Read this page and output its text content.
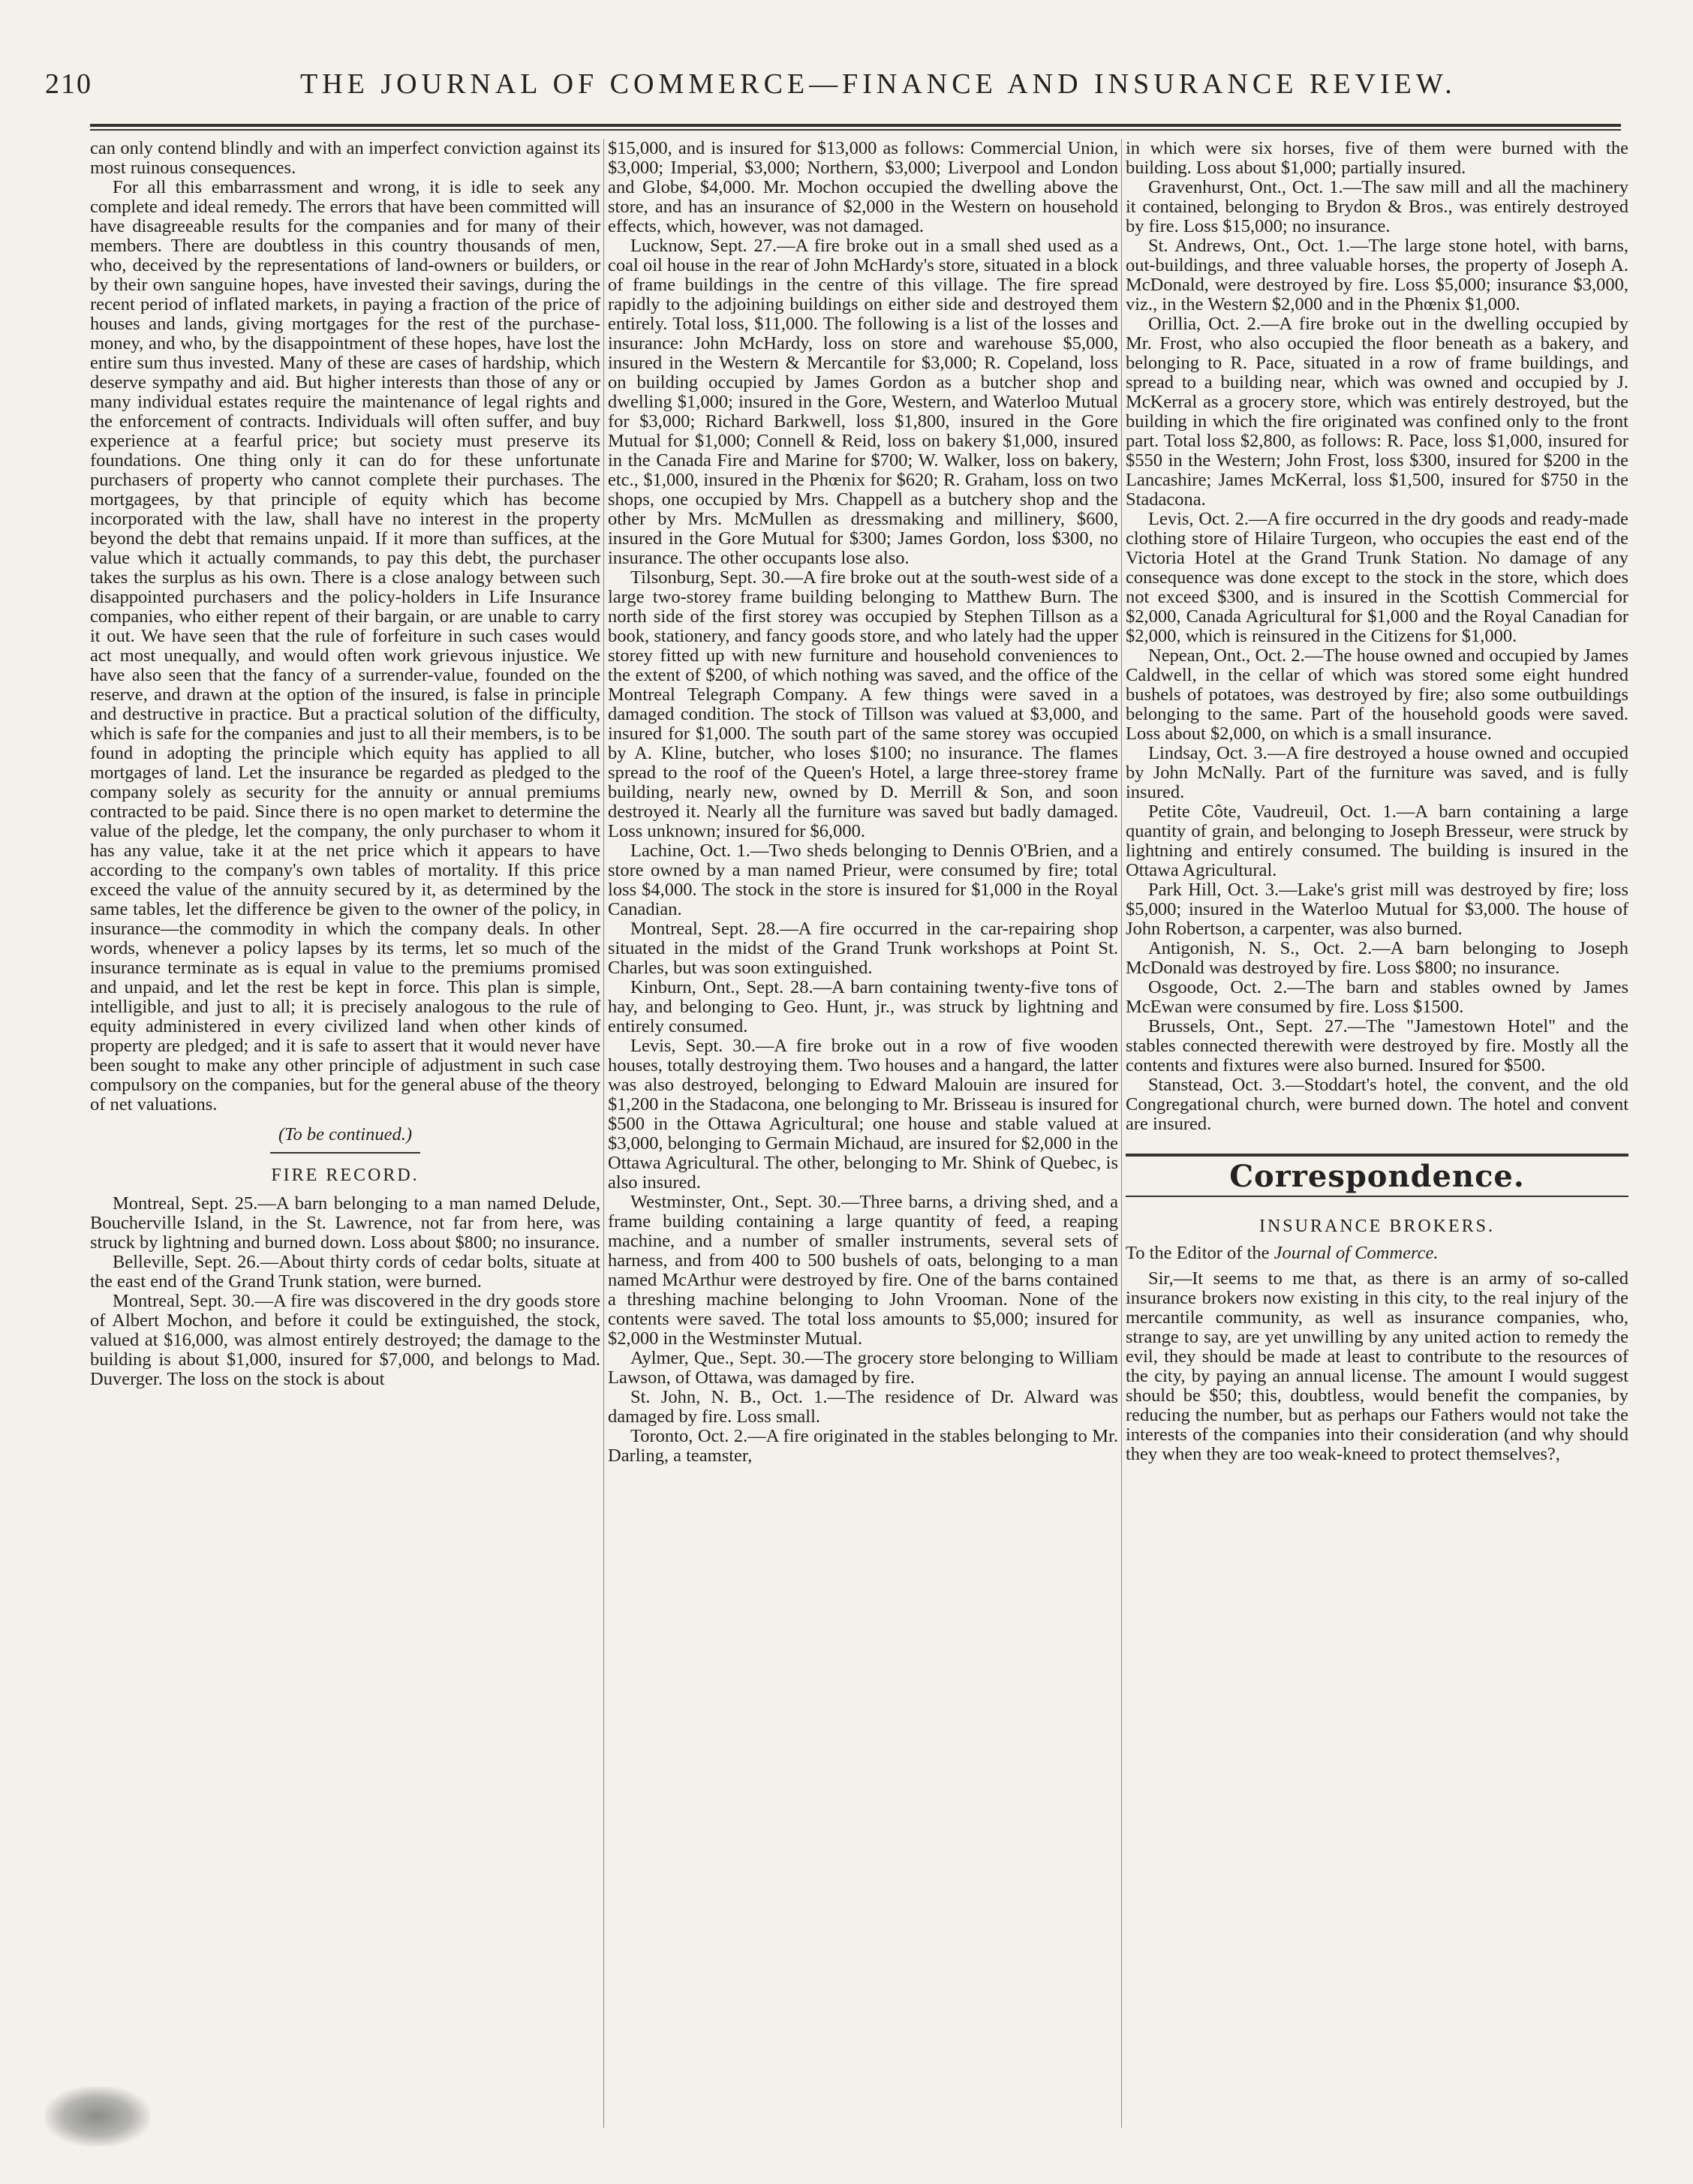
210	THE JOURNAL OF COMMERCE—FINANCE AND INSURANCE REVIEW.

can only contend blindly and with an imperfect conviction against its most ruinous consequences.

For all this embarrassment and wrong, it is idle to seek any complete and ideal remedy. The errors that have been committed will have disagreeable results for the companies and for many of their members. There are doubtless in this country thousands of men, who, deceived by the representations of land-owners or builders, or by their own sanguine hopes, have invested their savings, during the recent period of inflated markets, in paying a fraction of the price of houses and lands, giving mortgages for the rest of the purchase-money, and who, by the disappointment of these hopes, have lost the entire sum thus invested. Many of these are cases of hardship, which deserve sympathy and aid. But higher interests than those of any or many individual estates require the maintenance of legal rights and the enforcement of contracts. Individuals will often suffer, and buy experience at a fearful price; but society must preserve its foundations. One thing only it can do for these unfortunate purchasers of property who cannot complete their purchases. The mortgagees, by that principle of equity which has become incorporated with the law, shall have no interest in the property beyond the debt that remains unpaid. If it more than suffices, at the value which it actually commands, to pay this debt, the purchaser takes the surplus as his own. There is a close analogy between such disappointed purchasers and the policy-holders in Life Insurance companies, who either repent of their bargain, or are unable to carry it out. We have seen that the rule of forfeiture in such cases would act most unequally, and would often work grievous injustice. We have also seen that the fancy of a surrender-value, founded on the reserve, and drawn at the option of the insured, is false in principle and destructive in practice. But a practical solution of the difficulty, which is safe for the companies and just to all their members, is to be found in adopting the principle which equity has applied to all mortgages of land. Let the insurance be regarded as pledged to the company solely as security for the annuity or annual premiums contracted to be paid. Since there is no open market to determine the value of the pledge, let the company, the only purchaser to whom it has any value, take it at the net price which it appears to have according to the company's own tables of mortality. If this price exceed the value of the annuity secured by it, as determined by the same tables, let the difference be given to the owner of the policy, in insurance—the commodity in which the company deals. In other words, whenever a policy lapses by its terms, let so much of the insurance terminate as is equal in value to the premiums promised and unpaid, and let the rest be kept in force. This plan is simple, intelligible, and just to all; it is precisely analogous to the rule of equity administered in every civilized land when other kinds of property are pledged; and it is safe to assert that it would never have been sought to make any other principle of adjustment in such case compulsory on the companies, but for the general abuse of the theory of net valuations.

(To be continued.)
FIRE RECORD.

Montreal, Sept. 25.—A barn belonging to a man named Delude, Boucherville Island, in the St. Lawrence, not far from here, was struck by lightning and burned down. Loss about $800; no insurance.

Belleville, Sept. 26.—About thirty cords of cedar bolts, situate at the east end of the Grand Trunk station, were burned.

Montreal, Sept. 30.—A fire was discovered in the dry goods store of Albert Mochon, and before it could be extinguished, the stock, valued at $16,000, was almost entirely destroyed; the damage to the building is about $1,000, insured for $7,000, and belongs to Mad. Duverger. The loss on the stock is about

$15,000, and is insured for $13,000 as follows: Commercial Union, $3,000; Imperial, $3,000; Northern, $3,000; Liverpool and London and Globe, $4,000. Mr. Mochon occupied the dwelling above the store, and has an insurance of $2,000 in the Western on household effects, which, however, was not damaged.

Lucknow, Sept. 27.—A fire broke out in a small shed used as a coal oil house in the rear of John McHardy's store, situated in a block of frame buildings in the centre of this village. The fire spread rapidly to the adjoining buildings on either side and destroyed them entirely. Total loss, $11,000. The following is a list of the losses and insurance: John McHardy, loss on store and warehouse $5,000, insured in the Western & Mercantile for $3,000; R. Copeland, loss on building occupied by James Gordon as a butcher shop and dwelling $1,000; insured in the Gore, Western, and Waterloo Mutual for $3,000; Richard Barkwell, loss $1,800, insured in the Gore Mutual for $1,000; Connell & Reid, loss on bakery $1,000, insured in the Canada Fire and Marine for $700; W. Walker, loss on bakery, etc., $1,000, insured in the Phœnix for $620; R. Graham, loss on two shops, one occupied by Mrs. Chappell as a butchery shop and the other by Mrs. McMullen as dressmaking and millinery, $600, insured in the Gore Mutual for $300; James Gordon, loss $300, no insurance. The other occupants lose also.

Tilsonburg, Sept. 30.—A fire broke out at the south-west side of a large two-storey frame building belonging to Matthew Burn. The north side of the first storey was occupied by Stephen Tillson as a book, stationery, and fancy goods store, and who lately had the upper storey fitted up with new furniture and household conveniences to the extent of $200, of which nothing was saved, and the office of the Montreal Telegraph Company. A few things were saved in a damaged condition. The stock of Tillson was valued at $3,000, and insured for $1,000. The south part of the same storey was occupied by A. Kline, butcher, who loses $100; no insurance. The flames spread to the roof of the Queen's Hotel, a large three-storey frame building, nearly new, owned by D. Merrill & Son, and soon destroyed it. Nearly all the furniture was saved but badly damaged. Loss unknown; insured for $6,000.

Lachine, Oct. 1.—Two sheds belonging to Dennis O'Brien, and a store owned by a man named Prieur, were consumed by fire; total loss $4,000. The stock in the store is insured for $1,000 in the Royal Canadian.

Montreal, Sept. 28.—A fire occurred in the car-repairing shop situated in the midst of the Grand Trunk workshops at Point St. Charles, but was soon extinguished.

Kinburn, Ont., Sept. 28.—A barn containing twenty-five tons of hay, and belonging to Geo. Hunt, jr., was struck by lightning and entirely consumed.

Levis, Sept. 30.—A fire broke out in a row of five wooden houses, totally destroying them. Two houses and a hangard, the latter was also destroyed, belonging to Edward Malouin are insured for $1,200 in the Stadacona, one belonging to Mr. Brisseau is insured for $500 in the Ottawa Agricultural; one house and stable valued at $3,000, belonging to Germain Michaud, are insured for $2,000 in the Ottawa Agricultural. The other, belonging to Mr. Shink of Quebec, is also insured.

Westminster, Ont., Sept. 30.—Three barns, a driving shed, and a frame building containing a large quantity of feed, a reaping machine, and a number of smaller instruments, several sets of harness, and from 400 to 500 bushels of oats, belonging to a man named McArthur were destroyed by fire. One of the barns contained a threshing machine belonging to John Vrooman. None of the contents were saved. The total loss amounts to $5,000; insured for $2,000 in the Westminster Mutual.

Aylmer, Que., Sept. 30.—The grocery store belonging to William Lawson, of Ottawa, was damaged by fire.

St. John, N. B., Oct. 1.—The residence of Dr. Alward was damaged by fire. Loss small.

Toronto, Oct. 2.—A fire originated in the stables belonging to Mr. Darling, a teamster,

in which were six horses, five of them were burned with the building. Loss about $1,000; partially insured.

Gravenhurst, Ont., Oct. 1.—The saw mill and all the machinery it contained, belonging to Brydon & Bros., was entirely destroyed by fire. Loss $15,000; no insurance.

St. Andrews, Ont., Oct. 1.—The large stone hotel, with barns, out-buildings, and three valuable horses, the property of Joseph A. McDonald, were destroyed by fire. Loss $5,000; insurance $3,000, viz., in the Western $2,000 and in the Phœnix $1,000.

Orillia, Oct. 2.—A fire broke out in the dwelling occupied by Mr. Frost, who also occupied the floor beneath as a bakery, and belonging to R. Pace, situated in a row of frame buildings, and spread to a building near, which was owned and occupied by J. McKerral as a grocery store, which was entirely destroyed, but the building in which the fire originated was confined only to the front part. Total loss $2,800, as follows: R. Pace, loss $1,000, insured for $550 in the Western; John Frost, loss $300, insured for $200 in the Lancashire; James McKerral, loss $1,500, insured for $750 in the Stadacona.

Levis, Oct. 2.—A fire occurred in the dry goods and ready-made clothing store of Hilaire Turgeon, who occupies the east end of the Victoria Hotel at the Grand Trunk Station. No damage of any consequence was done except to the stock in the store, which does not exceed $300, and is insured in the Scottish Commercial for $2,000, Canada Agricultural for $1,000 and the Royal Canadian for $2,000, which is reinsured in the Citizens for $1,000.

Nepean, Ont., Oct. 2.—The house owned and occupied by James Caldwell, in the cellar of which was stored some eight hundred bushels of potatoes, was destroyed by fire; also some outbuildings belonging to the same. Part of the household goods were saved. Loss about $2,000, on which is a small insurance.

Lindsay, Oct. 3.—A fire destroyed a house owned and occupied by John McNally. Part of the furniture was saved, and is fully insured.

Petite Côte, Vaudreuil, Oct. 1.—A barn containing a large quantity of grain, and belonging to Joseph Bresseur, were struck by lightning and entirely consumed. The building is insured in the Ottawa Agricultural.

Park Hill, Oct. 3.—Lake's grist mill was destroyed by fire; loss $5,000; insured in the Waterloo Mutual for $3,000. The house of John Robertson, a carpenter, was also burned.

Antigonish, N. S., Oct. 2.—A barn belonging to Joseph McDonald was destroyed by fire. Loss $800; no insurance.

Osgoode, Oct. 2.—The barn and stables owned by James McEwan were consumed by fire. Loss $1500.

Brussels, Ont., Sept. 27.—The "Jamestown Hotel" and the stables connected therewith were destroyed by fire. Mostly all the contents and fixtures were also burned. Insured for $500.

Stanstead, Oct. 3.—Stoddart's hotel, the convent, and the old Congregational church, were burned down. The hotel and convent are insured.

Correspondence.
INSURANCE BROKERS.
To the Editor of the Journal of Commerce.

Sir,—It seems to me that, as there is an army of so-called insurance brokers now existing in this city, to the real injury of the mercantile community, as well as insurance companies, who, strange to say, are yet unwilling by any united action to remedy the evil, they should be made at least to contribute to the resources of the city, by paying an annual license. The amount I would suggest should be $50; this, doubtless, would benefit the companies, by reducing the number, but as perhaps our Fathers would not take the interests of the companies into their consideration (and why should they when they are too weak-kneed to protect themselves?,
